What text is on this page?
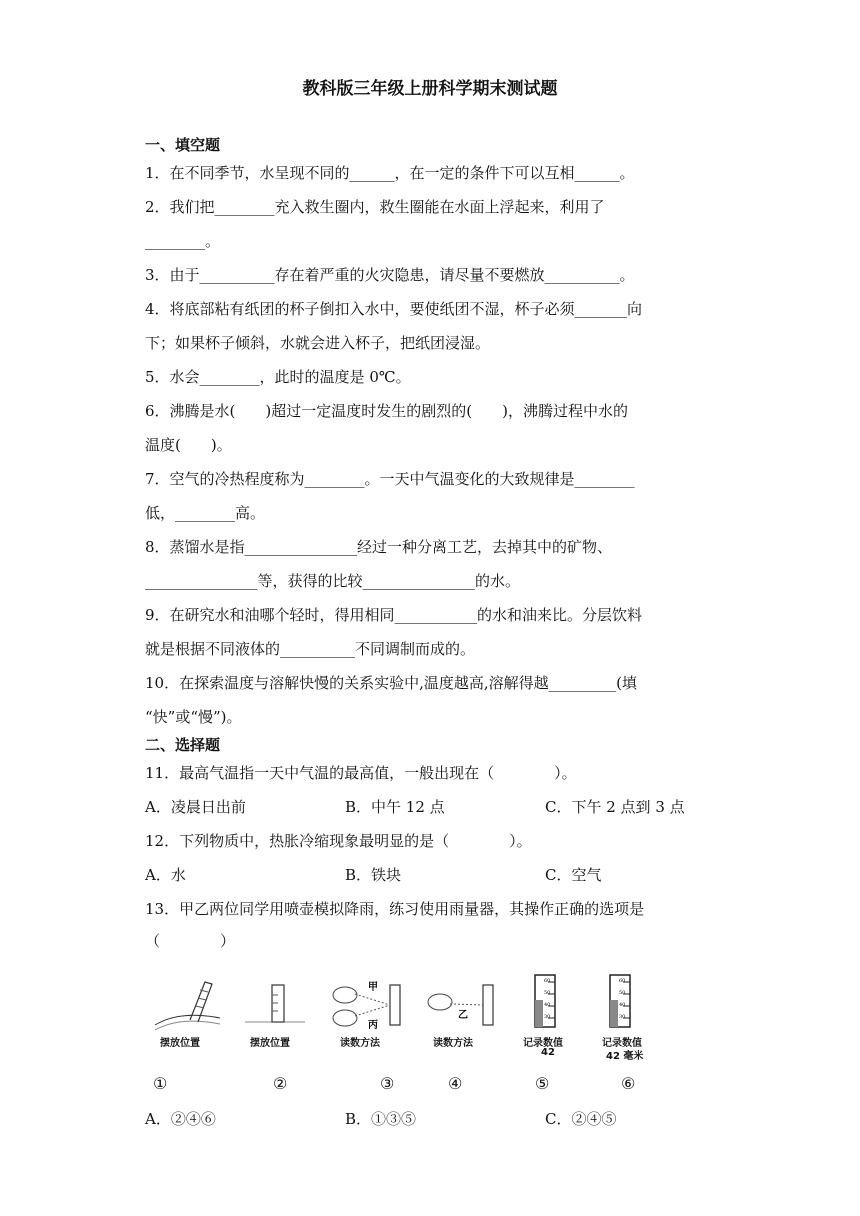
教科版三年级上册科学期末测试题
一、填空题
1．在不同季节，水呈现不同的______，在一定的条件下可以互相______。
2．我们把________充入救生圈内，救生圈能在水面上浮起来，利用了
________。
3．由于__________存在着严重的火灾隐患，请尽量不要燃放__________。
4．将底部粘有纸团的杯子倒扣入水中，要使纸团不湿，杯子必须_______向
下；如果杯子倾斜，水就会进入杯子，把纸团浸湿。
5．水会________，此时的温度是 0℃。
6．沸腾是水(　　)超过一定温度时发生的剧烈的(　　)，沸腾过程中水的
温度(　　)。
7．空气的冷热程度称为________。一天中气温变化的大致规律是________
低，________高。
8．蒸馏水是指_______________经过一种分离工艺，去掉其中的矿物、
_______________等，获得的比较_______________的水。
9．在研究水和油哪个轻时，得用相同___________的水和油来比。分层饮料
就是根据不同液体的__________不同调制而成的。
10．在探索温度与溶解快慢的关系实验中,温度越高,溶解得越_________(填
“快”或“慢”)。
二、选择题
11．最高气温指一天中气温的最高值，一般出现在（　　　　）。
A．凌晨日出前	B．中午 12 点	C．下午 2 点到 3 点
12．下列物质中，热胀冷缩现象最明显的是（　　　　）。
A．水	B．铁块	C．空气
13．甲乙两位同学用喷壶模拟降雨，练习使用雨量器，其操作正确的选项是
（　　　　）
甲
丙
乙
60
50
40
30
60
50
40
30
摆放位置	摆放位置	读数方法	读数方法	记录数值
42
记录数值
42 毫米
①	②	③	④	⑤	⑥
A．②④⑥	B．①③⑤	C．②④⑤
